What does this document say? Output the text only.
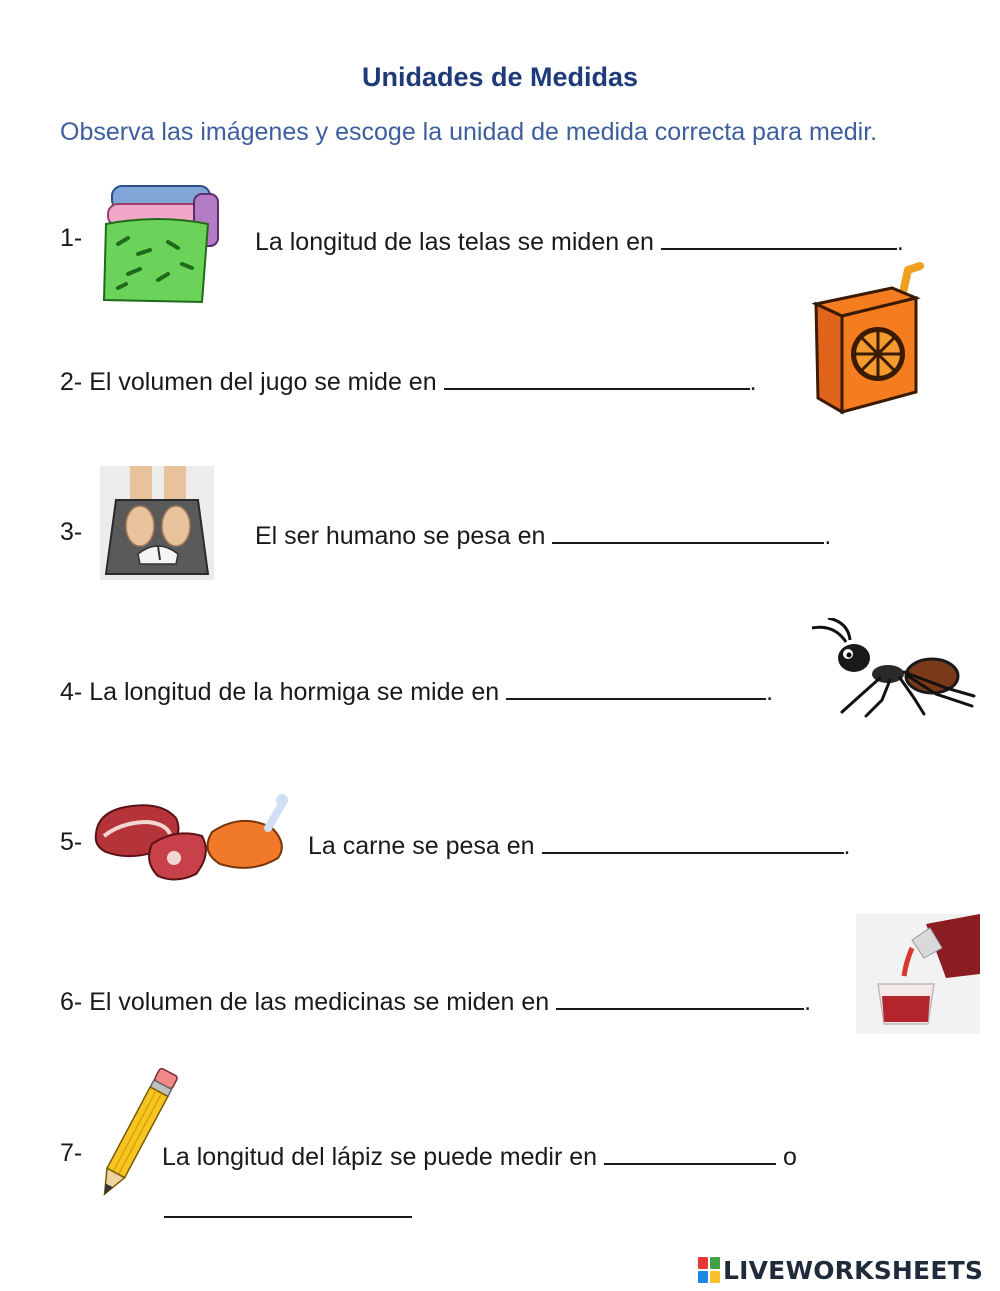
Unidades de Medidas
Observa las imágenes y escoge la unidad de medida correcta para medir.
1-	La longitud de las telas se miden en	.
2- El volumen del jugo se mide en	.
3-	El ser humano se pesa en	.
4- La longitud de la hormiga se mide en	.
5-	La carne se pesa en	.
6- El volumen de las medicinas se miden en	.
7-	La longitud del lápiz se puede medir en	o
LIVEWORKSHEETS
